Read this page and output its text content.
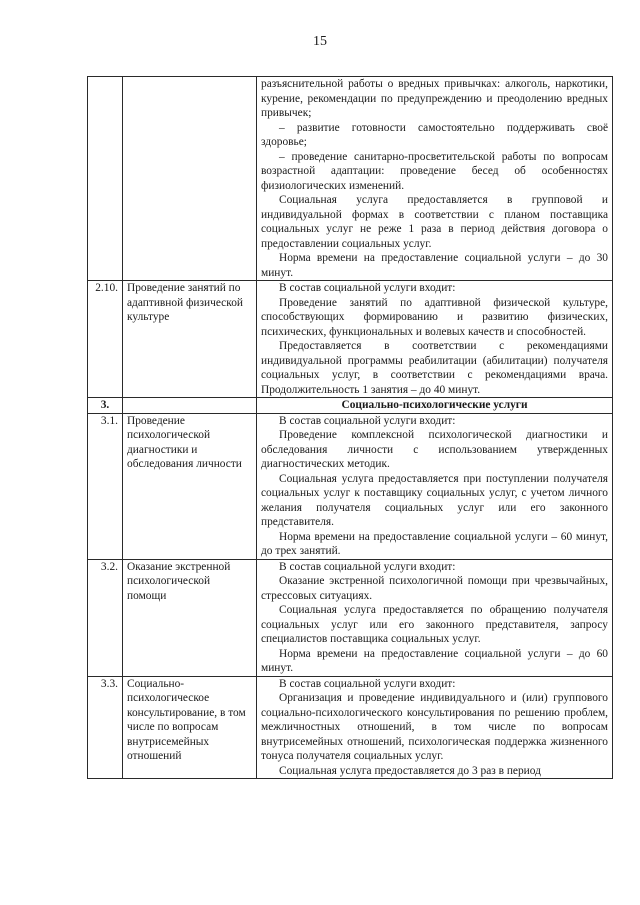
15

		разъяснительной работы о вредных привычках: алкоголь, наркотики, курение, рекомендации по предупреждению и преодолению вредных привычек;

– развитие готовности самостоятельно поддерживать своё здоровье;

– проведение санитарно-просветительской работы по вопросам возрастной адаптации: проведение бесед об особенностях физиологических изменений.

Социальная услуга предоставляется в групповой и индивидуальной формах в соответствии с планом поставщика социальных услуг не реже 1 раза в период действия договора о предоставлении социальных услуг.

Норма времени на предоставление социальной услуги – до 30 минут.

2.10.	Проведение занятий по адаптивной физической культуре	В состав социальной услуги входит:

Проведение занятий по адаптивной физической культуре, способствующих формированию и развитию физических, психических, функциональных и волевых качеств и способностей.

Предоставляется в соответствии с рекомендациями индивидуальной программы реабилитации (абилитации) получателя социальных услуг, в соответствии с рекомендациями врача. Продолжительность 1 занятия – до 40 минут.

3.		Социально-психологические услуги
3.1.	Проведение психологической диагностики и обследования личности	В состав социальной услуги входит:

Проведение комплексной психологической диагностики и обследования личности с использованием утвержденных диагностических методик.

Социальная услуга предоставляется при поступлении получателя социальных услуг к поставщику социальных услуг, с учетом личного желания получателя социальных услуг или его законного представителя.

Норма времени на предоставление социальной услуги – 60 минут, до трех занятий.

3.2.	Оказание экстренной психологической помощи	В состав социальной услуги входит:

Оказание экстренной психологичной помощи при чрезвычайных, стрессовых ситуациях.

Социальная услуга предоставляется по обращению получателя социальных услуг или его законного представителя, запросу специалистов поставщика социальных услуг.

Норма времени на предоставление социальной услуги – до 60 минут.

3.3.	Социально-психологическое консультирование, в том числе по вопросам внутрисемейных отношений	В состав социальной услуги входит:

Организация и проведение индивидуального и (или) группового социально-психологического консультирования по решению проблем, межличностных отношений, в том числе по вопросам внутрисемейных отношений, психологическая поддержка жизненного тонуса получателя социальных услуг.

Социальная услуга предоставляется до 3 раз в период
